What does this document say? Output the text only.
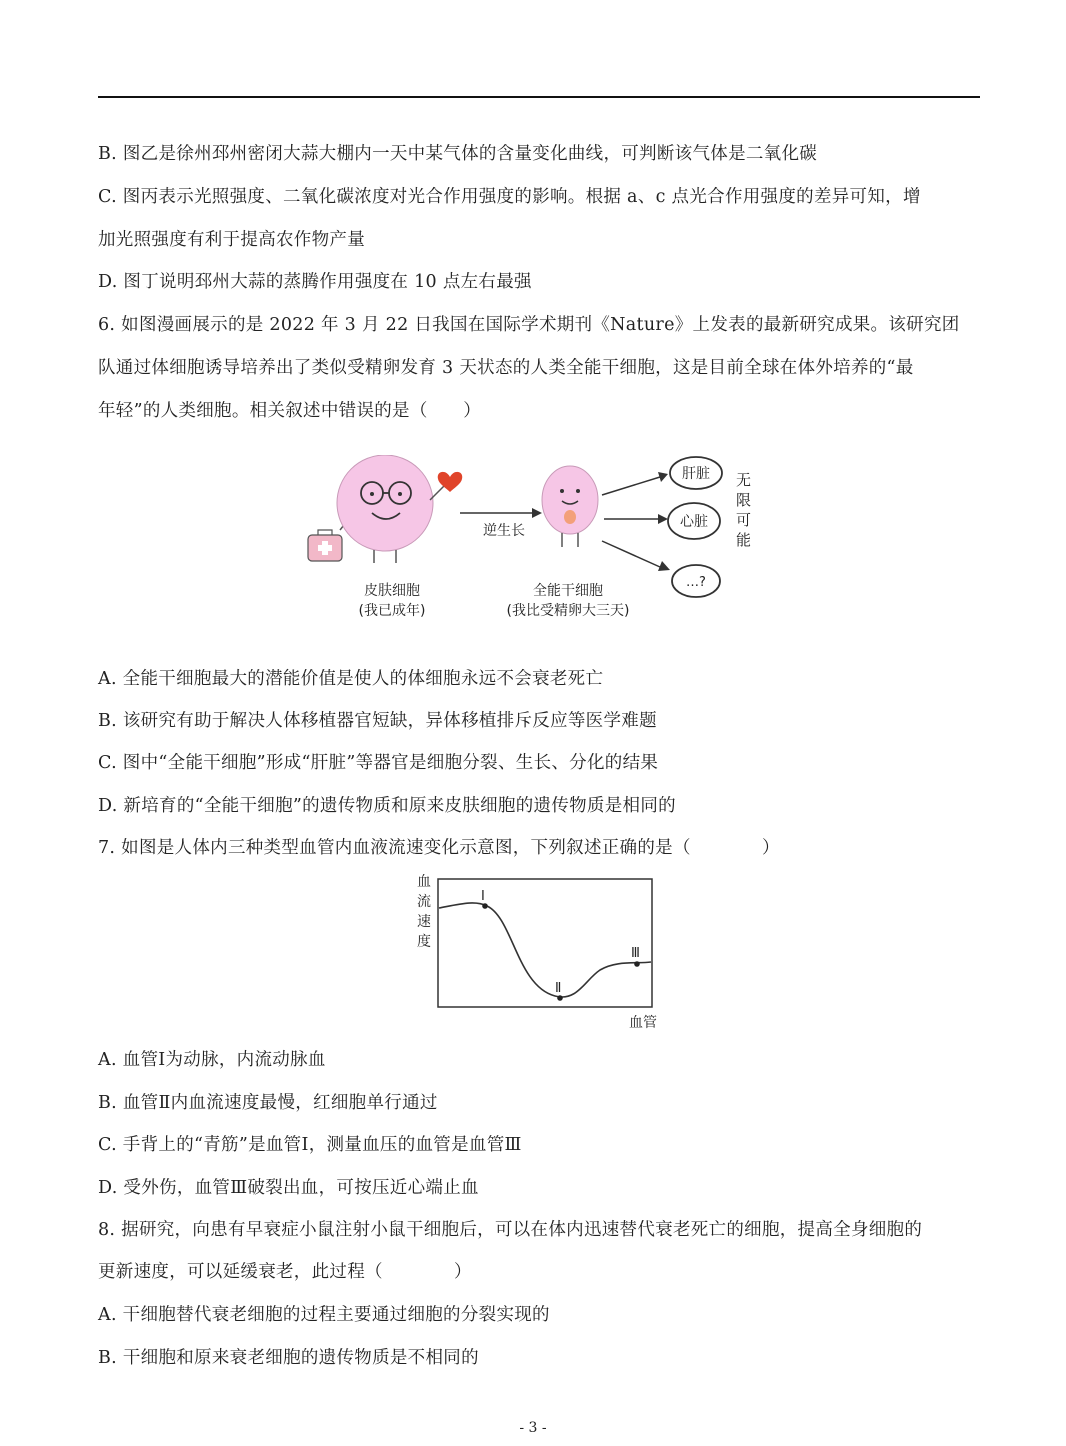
B. 图乙是徐州邳州密闭大蒜大棚内一天中某气体的含量变化曲线，可判断该气体是二氧化碳
C. 图丙表示光照强度、二氧化碳浓度对光合作用强度的影响。根据 a、c 点光合作用强度的差异可知，增
加光照强度有利于提高农作物产量
D. 图丁说明邳州大蒜的蒸腾作用强度在 10 点左右最强
6. 如图漫画展示的是 2022 年 3 月 22 日我国在国际学术期刊《Nature》上发表的最新研究成果。该研究团
队通过体细胞诱导培养出了类似受精卵发育 3 天状态的人类全能干细胞，这是目前全球在体外培养的“最
年轻”的人类细胞。相关叙述中错误的是（　　）
逆生长
肝脏
心脏
…?
无
限
可
能
皮肤细胞
(我已成年)
全能干细胞
(我比受精卵大三天)
A. 全能干细胞最大的潜能价值是使人的体细胞永远不会衰老死亡
B. 该研究有助于解决人体移植器官短缺，异体移植排斥反应等医学难题
C. 图中“全能干细胞”形成“肝脏”等器官是细胞分裂、生长、分化的结果
D. 新培育的“全能干细胞”的遗传物质和原来皮肤细胞的遗传物质是相同的
7. 如图是人体内三种类型血管内血液流速变化示意图，下列叙述正确的是（　　　　）
Ⅰ
Ⅱ
Ⅲ
血
流
速
度
血管
A. 血管Ⅰ为动脉，内流动脉血
B. 血管Ⅱ内血流速度最慢，红细胞单行通过
C. 手背上的“青筋”是血管Ⅰ，测量血压的血管是血管Ⅲ
D. 受外伤，血管Ⅲ破裂出血，可按压近心端止血
8. 据研究，向患有早衰症小鼠注射小鼠干细胞后，可以在体内迅速替代衰老死亡的细胞，提高全身细胞的
更新速度，可以延缓衰老，此过程（　　　　）
A. 干细胞替代衰老细胞的过程主要通过细胞的分裂实现的
B. 干细胞和原来衰老细胞的遗传物质是不相同的
- 3 -
